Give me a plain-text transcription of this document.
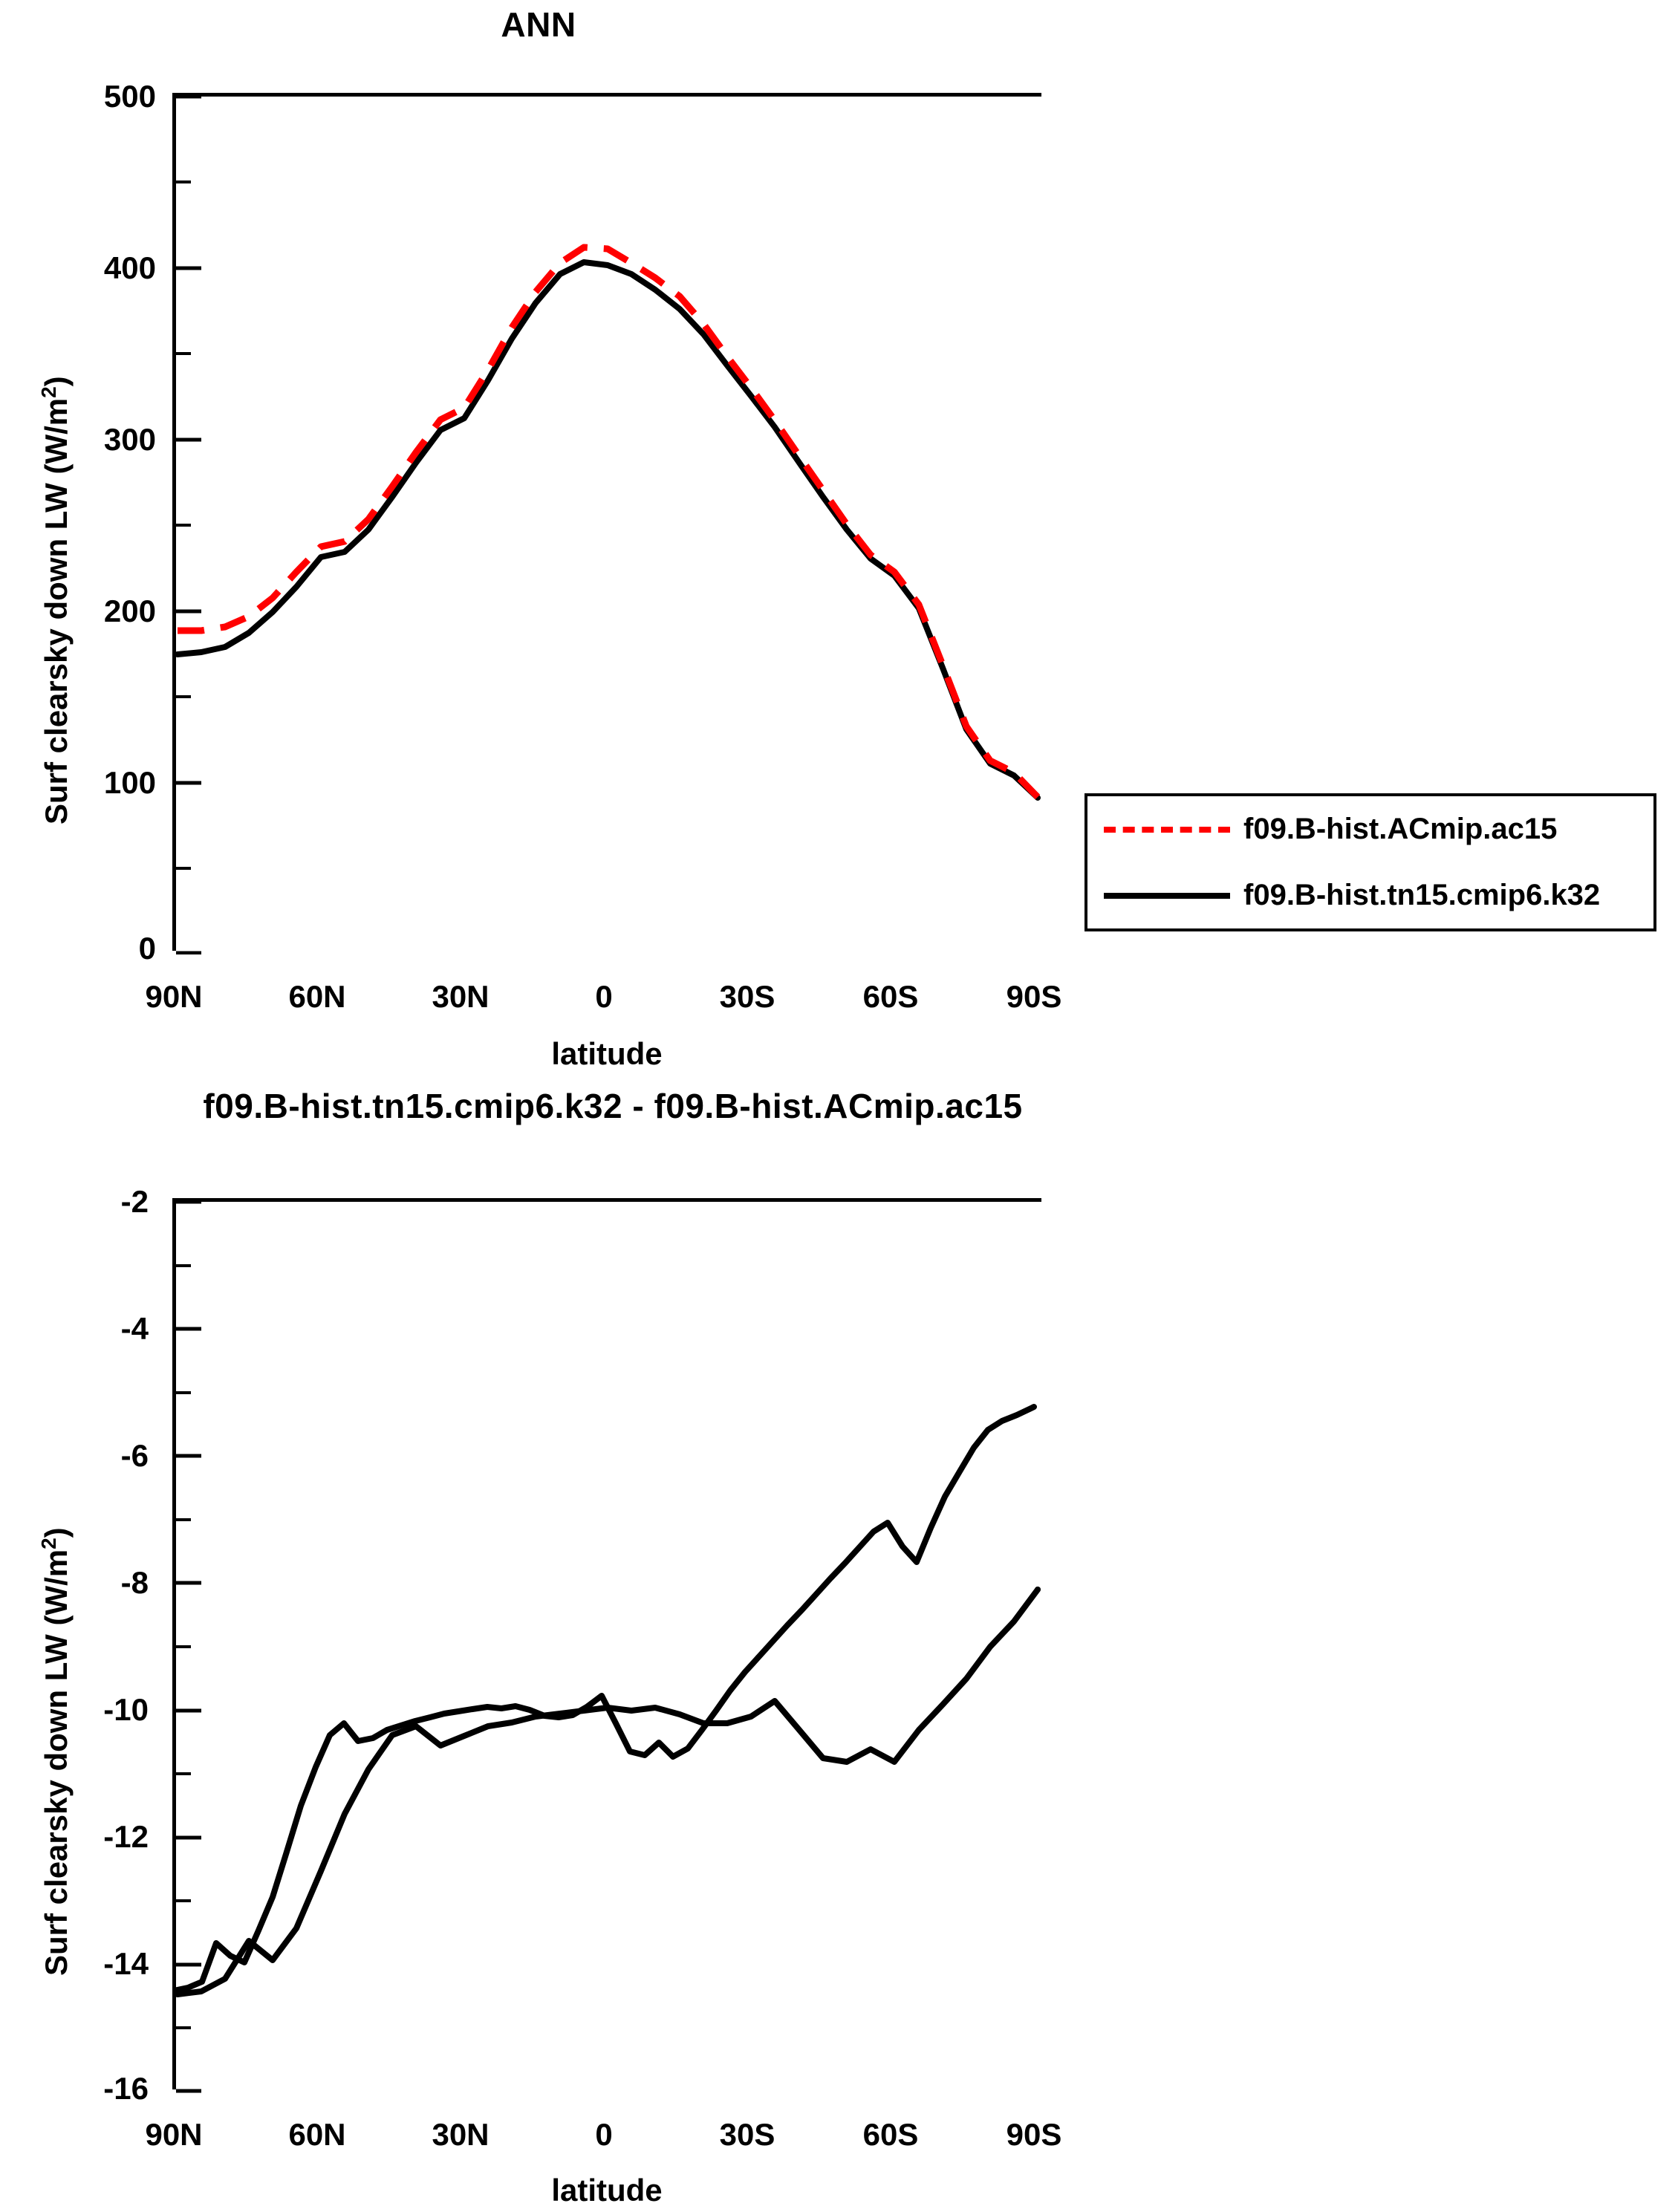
ANN
Surf clearsky down LW $(W/m^2)$
latitude
500
400
300
200
100
0
90N	60N	30N	0	30S	60S	90S
f09.B-hist.ACmip.ac15
f09.B-hist.tn15.cmip6.k32
f09.B-hist.tn15.cmip6.k32 - f09.B-hist.ACmip.ac15
Surf clearsky down LW $(W/m^2)$
latitude
-2
-4
-6
-8
-10
-12
-14
-16
90N	60N	30N	0	30S	60S	90S
